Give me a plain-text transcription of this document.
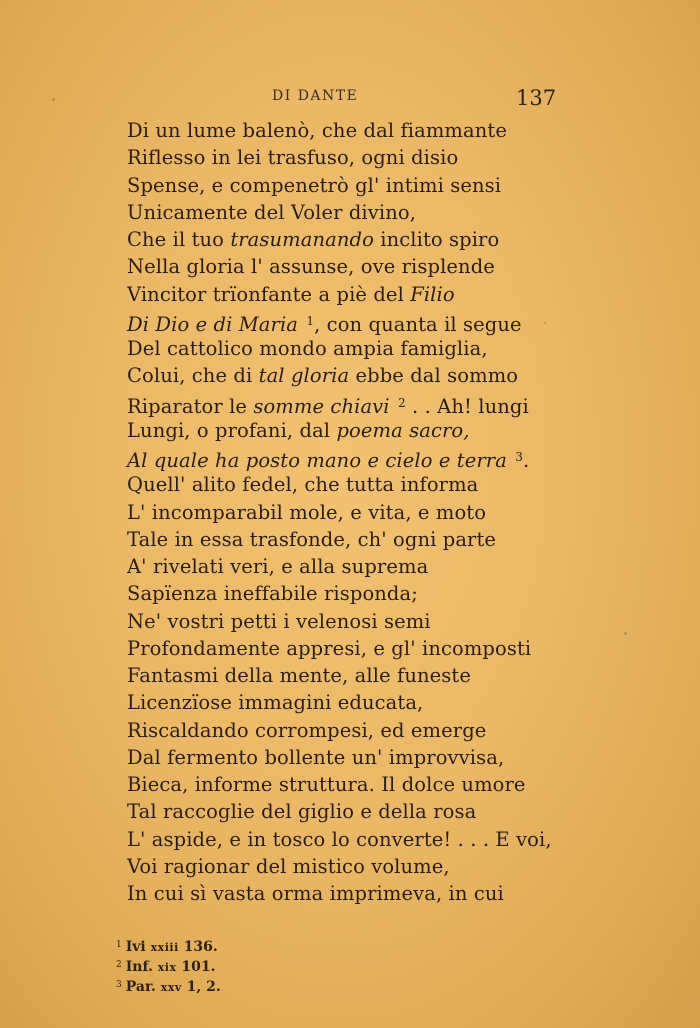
DI DANTE	137
Di un lume balenò, che dal fiammante
Riflesso in lei trasfuso, ogni disio
Spense, e compenetrò gl' intimi sensi
Unicamente del Voler divino,
Che il tuo trasumanando inclito spiro
Nella gloria l' assunse, ove risplende
Vincitor trïonfante a piè del Filio
Di Dio e di Maria $^1$, con quanta il segue
Del cattolico mondo ampia famiglia,
Colui, che di tal gloria ebbe dal sommo
Riparator le somme chiavi $^2$ . . Ah! lungi
Lungi, o profani, dal poema sacro,
Al quale ha posto mano e cielo e terra $^3$.
Quell' alito fedel, che tutta informa
L' incomparabil mole, e vita, e moto
Tale in essa trasfonde, ch' ogni parte
A' rivelati veri, e alla suprema
Sapïenza ineffabile risponda;
Ne' vostri petti i velenosi semi
Profondamente appresi, e gl' incomposti
Fantasmi della mente, alle funeste
Licenzïose immagini educata,
Riscaldando corrompesi, ed emerge
Dal fermento bollente un' improvvisa,
Bieca, informe struttura. Il dolce umore
Tal raccoglie del giglio e della rosa
L' aspide, e in tosco lo converte! . . . E voi,
Voi ragionar del mistico volume,
In cui sì vasta orma imprimeva, in cui
$^1$ Ivi xxiii 136.
$^2$ Inf. xix 101.
$^3$ Par. xxv 1, 2.
